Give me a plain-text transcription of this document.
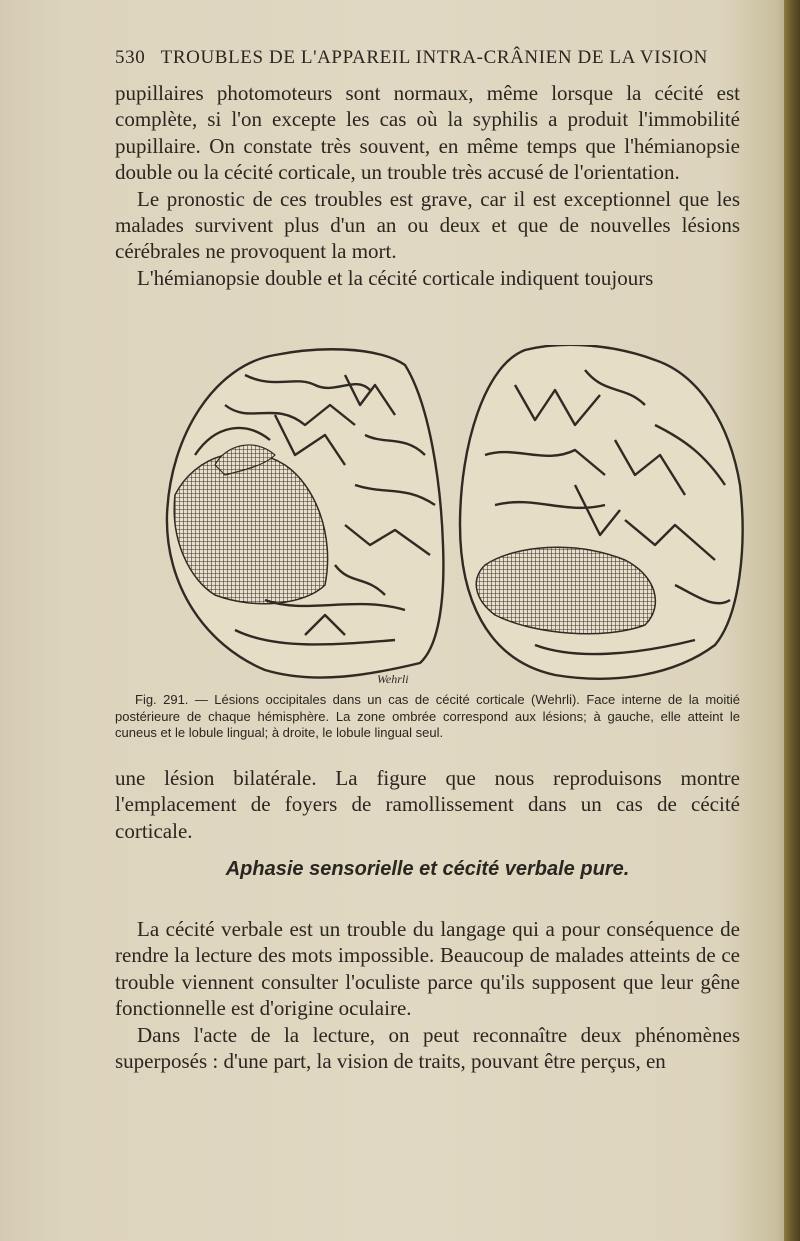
530 TROUBLES DE L'APPAREIL INTRA-CRÂNIEN DE LA VISION

pupillaires photomoteurs sont normaux, même lorsque la cécité est complète, si l'on excepte les cas où la syphilis a produit l'immobilité pupillaire. On constate très souvent, en même temps que l'hémianopsie double ou la cécité corticale, un trouble très accusé de l'orientation.

Le pronostic de ces troubles est grave, car il est exceptionnel que les malades survivent plus d'un an ou deux et que de nouvelles lésions cérébrales ne provoquent la mort.

L'hémianopsie double et la cécité corticale indiquent toujours

Wehrli
Fig. 291. — Lésions occipitales dans un cas de cécité corticale (Wehrli). Face interne de la moitié postérieure de chaque hémisphère. La zone ombrée correspond aux lésions; à gauche, elle atteint le cuneus et le lobule lingual; à droite, le lobule lingual seul.

une lésion bilatérale. La figure que nous reproduisons montre l'emplacement de foyers de ramollissement dans un cas de cécité corticale.

Aphasie sensorielle et cécité verbale pure.

La cécité verbale est un trouble du langage qui a pour conséquence de rendre la lecture des mots impossible. Beaucoup de malades atteints de ce trouble viennent consulter l'oculiste parce qu'ils supposent que leur gêne fonctionnelle est d'origine oculaire.

Dans l'acte de la lecture, on peut reconnaître deux phénomènes superposés : d'une part, la vision de traits, pouvant être perçus, en
